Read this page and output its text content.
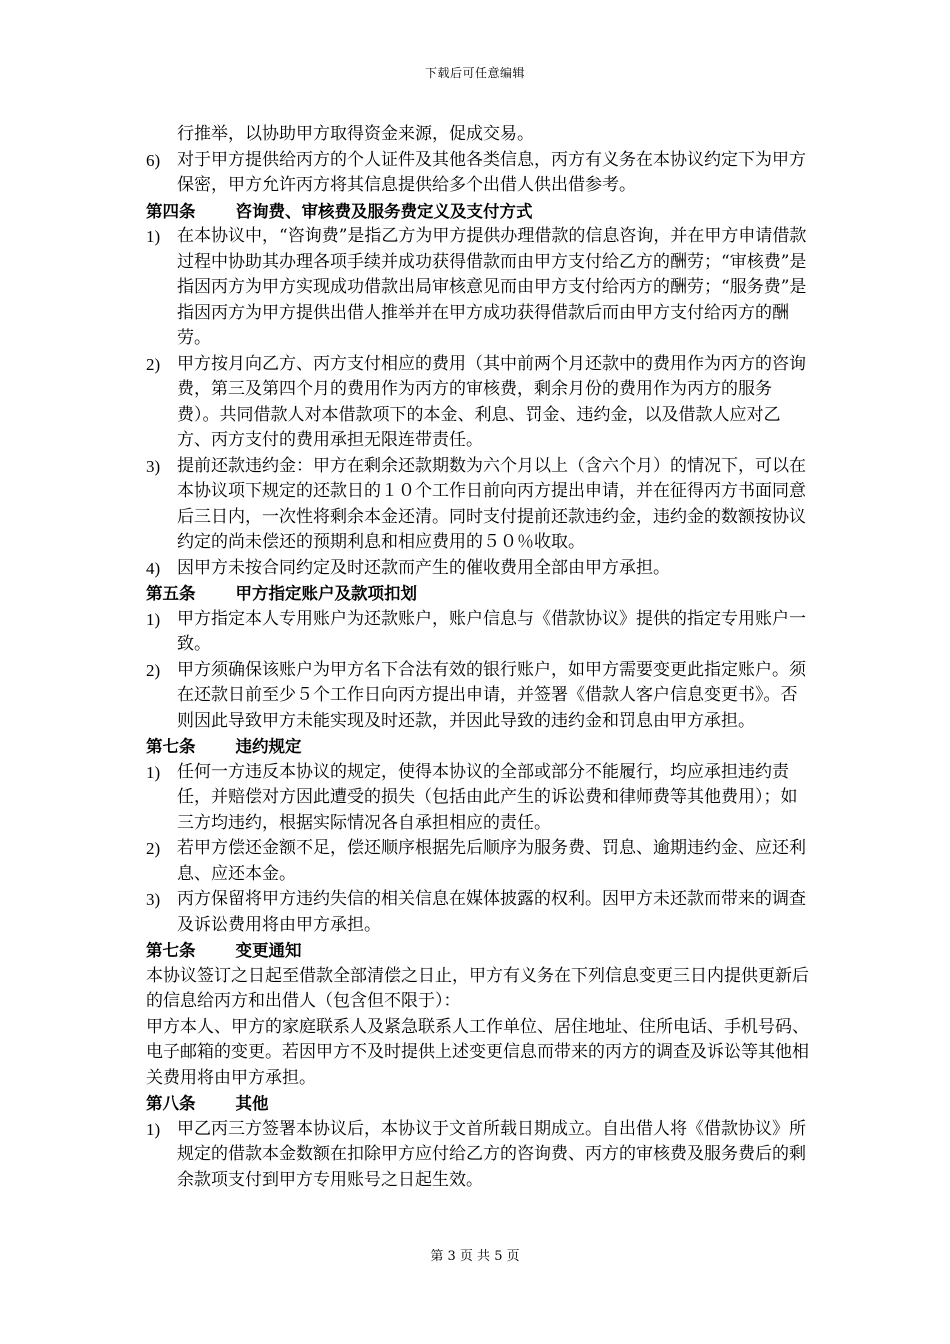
下载后可任意编辑
行推举，以协助甲方取得资金来源，促成交易。
6) 对于甲方提供给丙方的个人证件及其他各类信息，丙方有义务在本协议约定下为甲方保密，甲方允许丙方将其信息提供给多个出借人供出借参考。
第四条 咨询费、审核费及服务费定义及支付方式
1) 在本协议中，“咨询费”是指乙方为甲方提供办理借款的信息咨询，并在甲方申请借款过程中协助其办理各项手续并成功获得借款而由甲方支付给乙方的酬劳；“审核费”是指因丙方为甲方实现成功借款出局审核意见而由甲方支付给丙方的酬劳；“服务费”是指因丙方为甲方提供出借人推举并在甲方成功获得借款后而由甲方支付给丙方的酬劳。
2) 甲方按月向乙方、丙方支付相应的费用（其中前两个月还款中的费用作为丙方的咨询费，第三及第四个月的费用作为丙方的审核费，剩余月份的费用作为丙方的服务费）。共同借款人对本借款项下的本金、利息、罚金、违约金，以及借款人应对乙方、丙方支付的费用承担无限连带责任。
3) 提前还款违约金：甲方在剩余还款期数为六个月以上（含六个月）的情况下，可以在本协议项下规定的还款日的１０个工作日前向丙方提出申请，并在征得丙方书面同意后三日内，一次性将剩余本金还清。同时支付提前还款违约金，违约金的数额按协议约定的尚未偿还的预期利息和相应费用的５０％收取。
4) 因甲方未按合同约定及时还款而产生的催收费用全部由甲方承担。
第五条 甲方指定账户及款项扣划
1) 甲方指定本人专用账户为还款账户，账户信息与《借款协议》提供的指定专用账户一致。
2) 甲方须确保该账户为甲方名下合法有效的银行账户，如甲方需要变更此指定账户。须在还款日前至少５个工作日向丙方提出申请，并签署《借款人客户信息变更书》。否则因此导致甲方未能实现及时还款，并因此导致的违约金和罚息由甲方承担。
第七条 违约规定
1) 任何一方违反本协议的规定，使得本协议的全部或部分不能履行，均应承担违约责任，并赔偿对方因此遭受的损失（包括由此产生的诉讼费和律师费等其他费用）；如三方均违约，根据实际情况各自承担相应的责任。
2) 若甲方偿还金额不足，偿还顺序根据先后顺序为服务费、罚息、逾期违约金、应还利息、应还本金。
3) 丙方保留将甲方违约失信的相关信息在媒体披露的权利。因甲方未还款而带来的调查及诉讼费用将由甲方承担。
第七条 变更通知
本协议签订之日起至借款全部清偿之日止，甲方有义务在下列信息变更三日内提供更新后的信息给丙方和出借人（包含但不限于）：
甲方本人、甲方的家庭联系人及紧急联系人工作单位、居住地址、住所电话、手机号码、电子邮箱的变更。若因甲方不及时提供上述变更信息而带来的丙方的调查及诉讼等其他相关费用将由甲方承担。
第八条 其他
1) 甲乙丙三方签署本协议后，本协议于文首所载日期成立。自出借人将《借款协议》所规定的借款本金数额在扣除甲方应付给乙方的咨询费、丙方的审核费及服务费后的剩余款项支付到甲方专用账号之日起生效。
第 3 页 共 5 页
